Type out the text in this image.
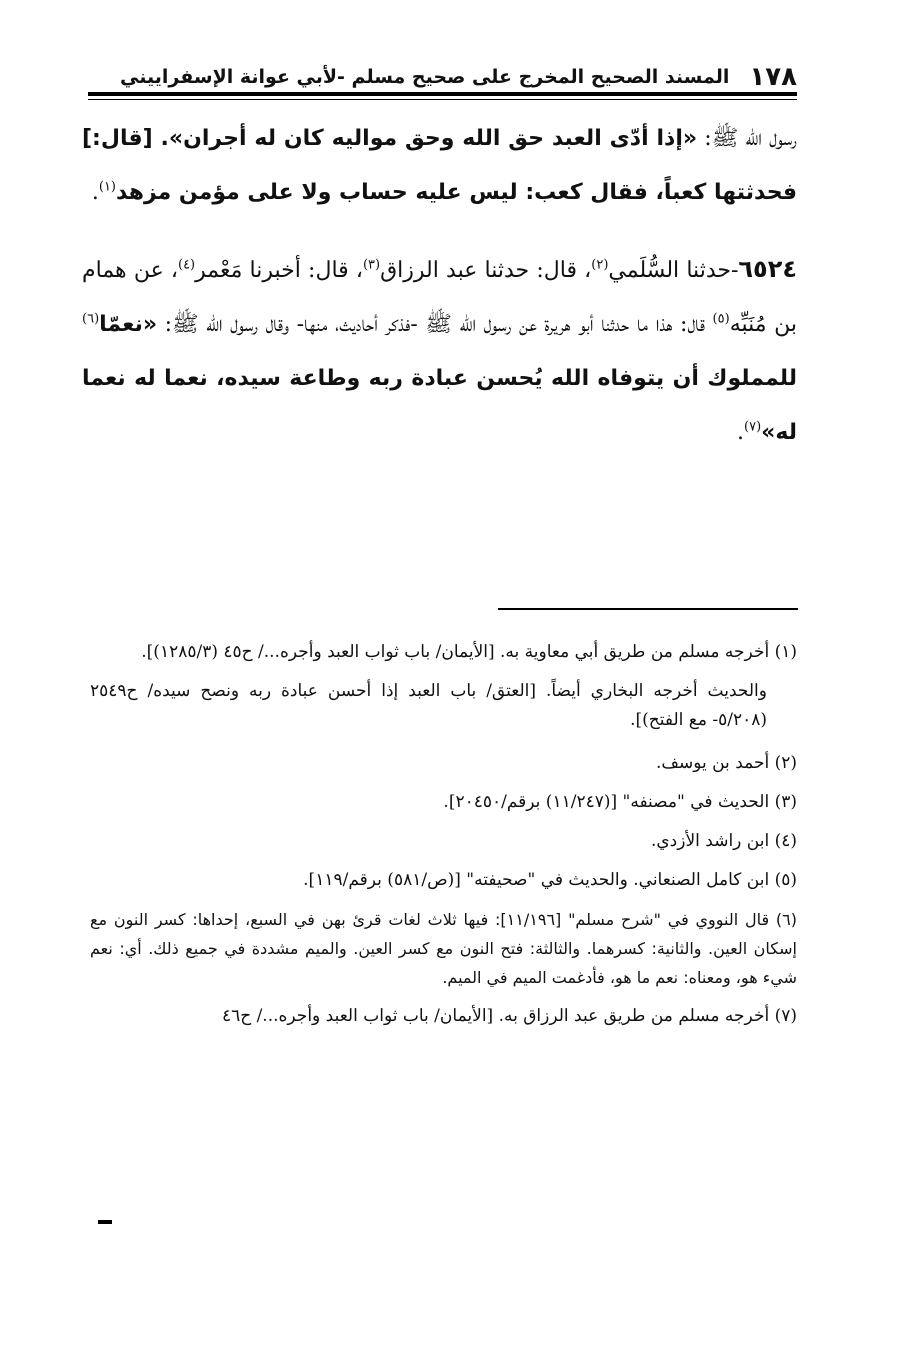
١٧٨
المسند الصحيح المخرج على صحيح مسلم -لأبي عوانة الإسفراييني

رسول الله ﷺ: «إذا أدّى العبد حق الله وحق مواليه كان له أجران». [قال:] فحدثتها كعباً، فقال كعب: ليس عليه حساب ولا على مؤمن مزهد$^{(١)}$.

٦٥٢٤-حدثنا السُّلَمي$^{(٢)}$، قال: حدثنا عبد الرزاق$^{(٣)}$، قال: أخبرنا مَعْمر$^{(٤)}$، عن همام بن مُنَبِّه$^{(٥)}$ قال: هذا ما حدثنا أبو هريرة عن رسول الله ﷺ -فذكر أحاديث، منها- وقال رسول الله ﷺ: «نعمّا$^{(٦)}$ للمملوك أن يتوفاه الله يُحسن عبادة ربه وطاعة سيده، نعما له نعما له»$^{(٧)}$.

(١) أخرجه مسلم من طريق أبي معاوية به. [الأيمان/ باب ثواب العبد وأجره.../ ح٤٥ (١٢٨٥/٣)].

والحديث أخرجه البخاري أيضاً. [العتق/ باب العبد إذا أحسن عبادة ربه ونصح سيده/ ح٢٥٤٩ (٥/٢٠٨- مع الفتح)].

(٢) أحمد بن يوسف.

(٣) الحديث في "مصنفه" [(١١/٢٤٧) برقم/٢٠٤٥٠].

(٤) ابن راشد الأزدي.

(٥) ابن كامل الصنعاني. والحديث في "صحيفته" [(ص/٥٨١) برقم/١١٩].

(٦) قال النووي في "شرح مسلم" [١١/١٩٦]: فيها ثلاث لغات قرئ بهن في السبع، إحداها: كسر النون مع إسكان العين. والثانية: كسرهما. والثالثة: فتح النون مع كسر العين. والميم مشددة في جميع ذلك. أي: نعم شيء هو، ومعناه: نعم ما هو، فأدغمت الميم في الميم.

(٧) أخرجه مسلم من طريق عبد الرزاق به. [الأيمان/ باب ثواب العبد وأجره.../ ح٤٦
